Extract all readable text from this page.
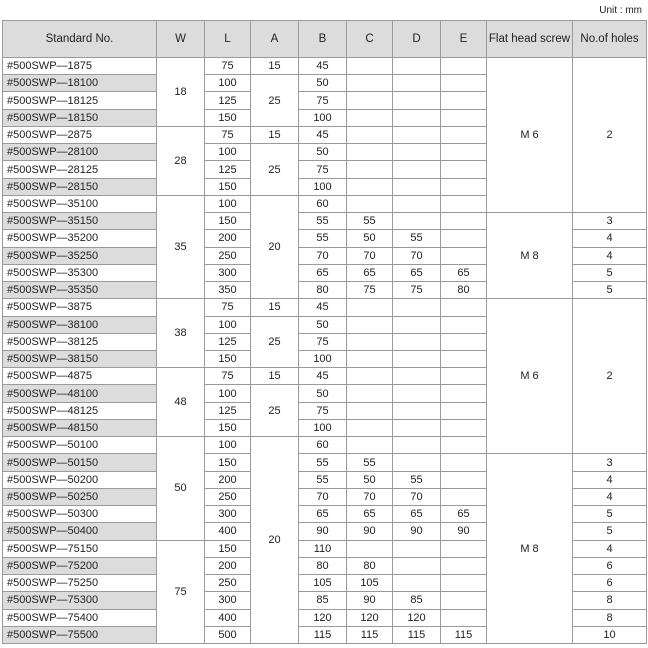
Unit : mm
Standard No.	W	L	A	B	C	D	E	Flat head screw	No.of holes
#500SWP—1875	18	75	15	45				M 6	2
#500SWP—18100		100	25	50					
#500SWP—18125		125		75					
#500SWP—18150		150		100					
#500SWP—2875	28	75	15	45					
#500SWP—28100		100	25	50					
#500SWP—28125		125		75					
#500SWP—28150		150		100					
#500SWP—35100	35	100	20	60					
#500SWP—35150		150		55	55			M 8	3
#500SWP—35200		200		55	50	55			4
#500SWP—35250		250		70	70	70			4
#500SWP—35300		300		65	65	65	65		5
#500SWP—35350		350		80	75	75	80		5
#500SWP—3875	38	75	15	45				M 6	2
#500SWP—38100		100	25	50					
#500SWP—38125		125		75					
#500SWP—38150		150		100					
#500SWP—4875	48	75	15	45					
#500SWP—48100		100	25	50					
#500SWP—48125		125		75					
#500SWP—48150		150		100					
#500SWP—50100	50	100	20	60					
#500SWP—50150		150		55	55			M 8	3
#500SWP—50200		200		55	50	55			4
#500SWP—50250		250		70	70	70			4
#500SWP—50300		300		65	65	65	65		5
#500SWP—50400		400		90	90	90	90		5
#500SWP—75150	75	150		110					4
#500SWP—75200		200		80	80				6
#500SWP—75250		250		105	105				6
#500SWP—75300		300		85	90	85			8
#500SWP—75400		400		120	120	120			8
#500SWP—75500		500		115	115	115	115		10
